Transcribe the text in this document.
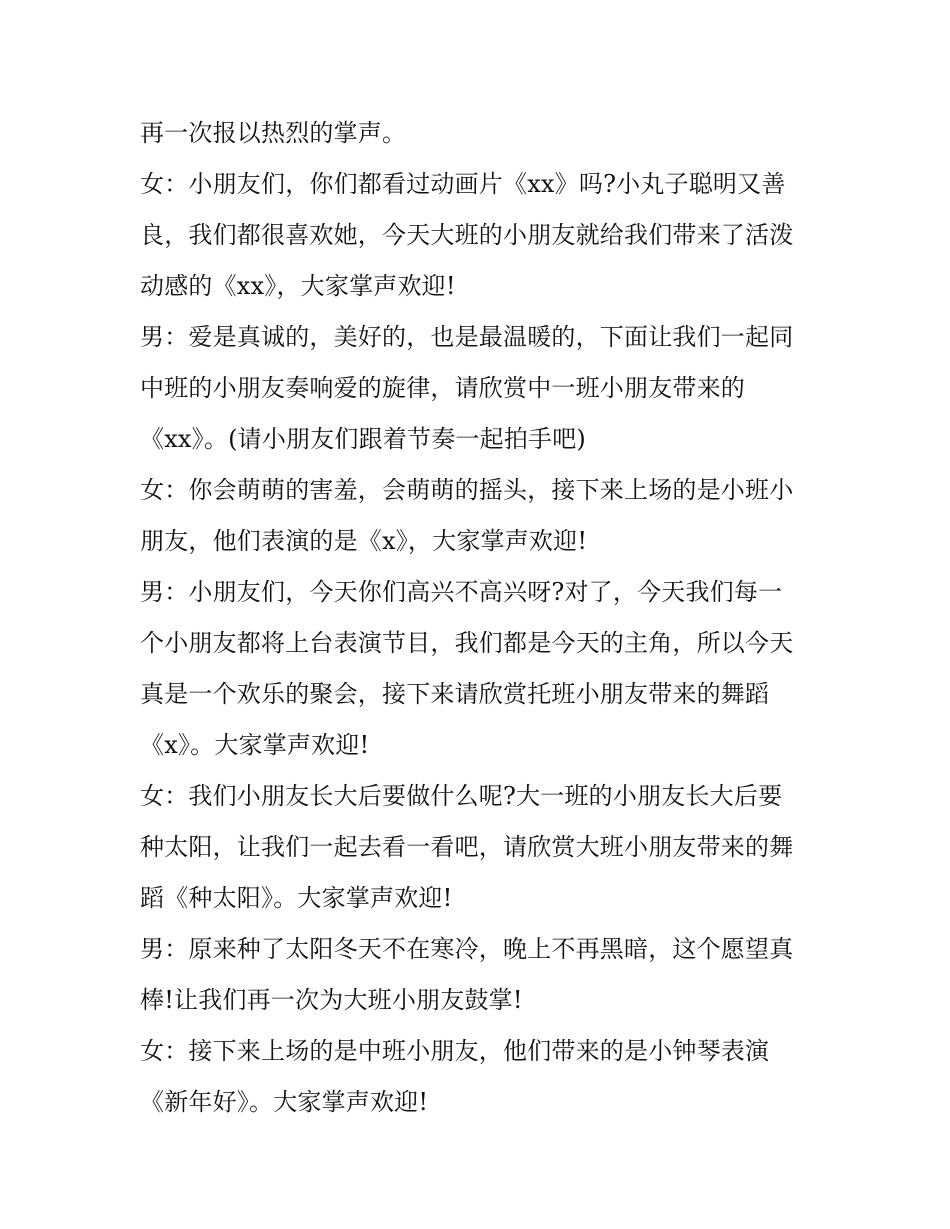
再一次报以热烈的掌声。
女：小朋友们，你们都看过动画片《xx》吗?小丸子聪明又善
良，我们都很喜欢她，今天大班的小朋友就给我们带来了活泼
动感的《xx》，大家掌声欢迎!
男：爱是真诚的，美好的，也是最温暖的，下面让我们一起同
中班的小朋友奏响爱的旋律，请欣赏中一班小朋友带来的
《xx》。(请小朋友们跟着节奏一起拍手吧)
女：你会萌萌的害羞，会萌萌的摇头，接下来上场的是小班小
朋友，他们表演的是《x》，大家掌声欢迎!
男：小朋友们，今天你们高兴不高兴呀?对了，今天我们每一
个小朋友都将上台表演节目，我们都是今天的主角，所以今天
真是一个欢乐的聚会，接下来请欣赏托班小朋友带来的舞蹈
《x》。大家掌声欢迎!
女：我们小朋友长大后要做什么呢?大一班的小朋友长大后要
种太阳，让我们一起去看一看吧，请欣赏大班小朋友带来的舞
蹈《种太阳》。大家掌声欢迎!
男：原来种了太阳冬天不在寒冷，晚上不再黑暗，这个愿望真
棒!让我们再一次为大班小朋友鼓掌!
女：接下来上场的是中班小朋友，他们带来的是小钟琴表演
《新年好》。大家掌声欢迎!
